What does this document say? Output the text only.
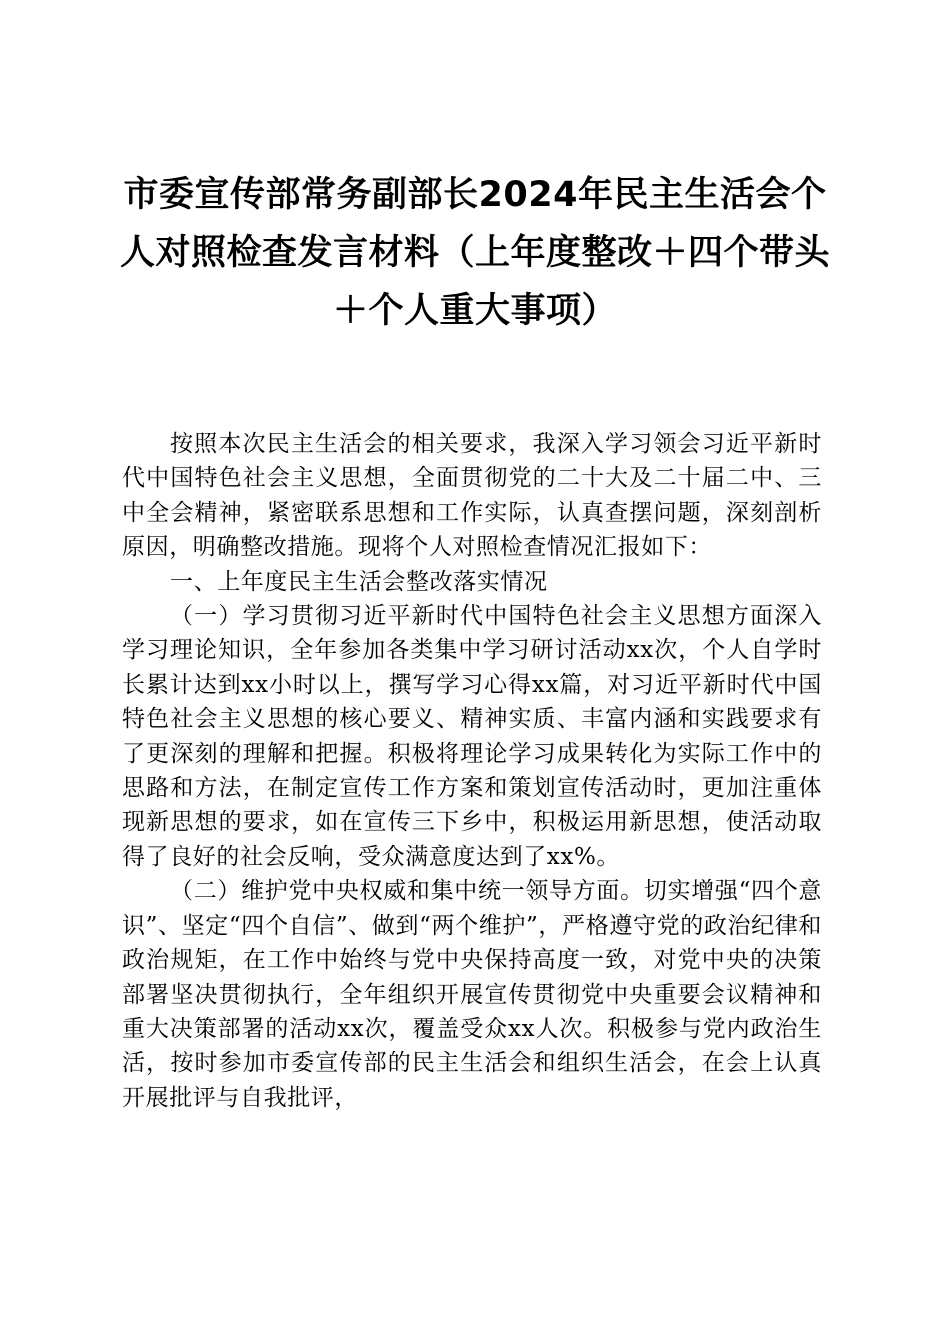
市委宣传部常务副部长2024年民主生活会个
人对照检查发言材料（上年度整改＋四个带头
＋个人重大事项）

按照本次民主生活会的相关要求，我深入学习领会习近平新时代中国特色社会主义思想，全面贯彻党的二十大及二十届二中、三中全会精神，紧密联系思想和工作实际，认真查摆问题，深刻剖析原因，明确整改措施。现将个人对照检查情况汇报如下：

一、上年度民主生活会整改落实情况

（一）学习贯彻习近平新时代中国特色社会主义思想方面深入学习理论知识，全年参加各类集中学习研讨活动xx次，个人自学时长累计达到xx小时以上，撰写学习心得xx篇，对习近平新时代中国特色社会主义思想的核心要义、精神实质、丰富内涵和实践要求有了更深刻的理解和把握。积极将理论学习成果转化为实际工作中的思路和方法，在制定宣传工作方案和策划宣传活动时，更加注重体现新思想的要求，如在宣传三下乡中，积极运用新思想，使活动取得了良好的社会反响，受众满意度达到了xx%。

（二）维护党中央权威和集中统一领导方面。切实增强“四个意识”、坚定“四个自信”、做到“两个维护”，严格遵守党的政治纪律和政治规矩，在工作中始终与党中央保持高度一致，对党中央的决策部署坚决贯彻执行，全年组织开展宣传贯彻党中央重要会议精神和重大决策部署的活动xx次，覆盖受众xx人次。积极参与党内政治生活，按时参加市委宣传部的民主生活会和组织生活会，在会上认真开展批评与自我批评，
